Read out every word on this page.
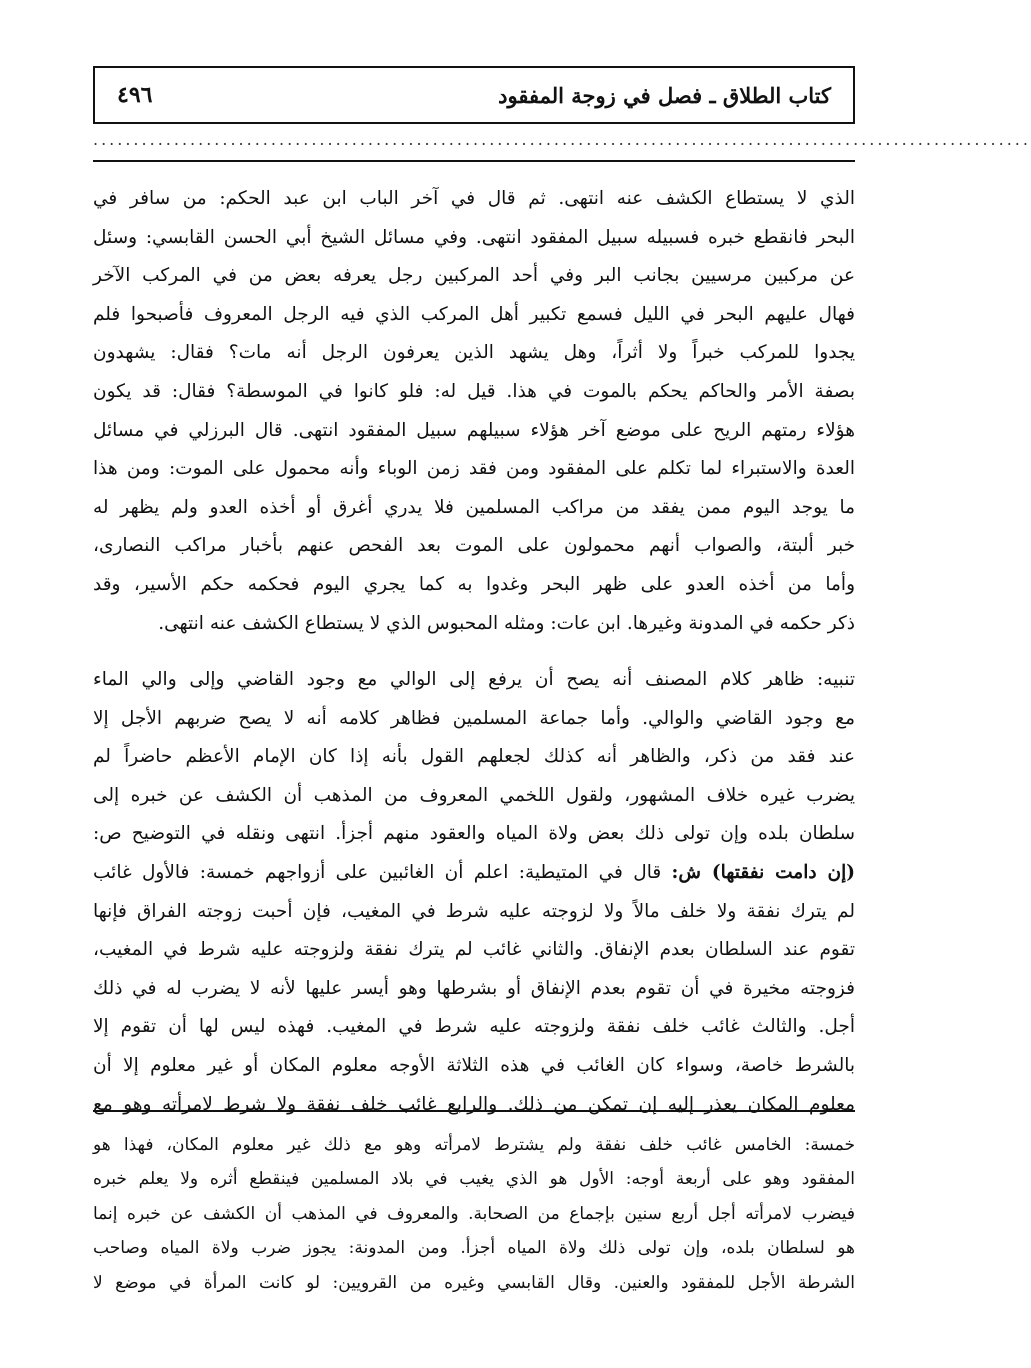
٤٩٦	كتاب الطلاق ـ فصل في زوجة المفقود
....................................................................................................................
الذي لا يستطاع الكشف عنه انتهى. ثم قال في آخر الباب ابن عبد الحكم: من سافر في
البحر فانقطع خبره فسبيله سبيل المفقود انتهى. وفي مسائل الشيخ أبي الحسن القابسي: وسئل
عن مركبين مرسيين بجانب البر وفي أحد المركبين رجل يعرفه بعض من في المركب الآخر
فهال عليهم البحر في الليل فسمع تكبير أهل المركب الذي فيه الرجل المعروف فأصبحوا فلم
يجدوا للمركب خبراً ولا أثراً، وهل يشهد الذين يعرفون الرجل أنه مات؟ فقال: يشهدون
بصفة الأمر والحاكم يحكم بالموت في هذا. قيل له: فلو كانوا في الموسطة؟ فقال: قد يكون
هؤلاء رمتهم الريح على موضع آخر هؤلاء سبيلهم سبيل المفقود انتهى. قال البرزلي في مسائل
العدة والاستبراء لما تكلم على المفقود ومن فقد زمن الوباء وأنه محمول على الموت: ومن هذا
ما يوجد اليوم ممن يفقد من مراكب المسلمين فلا يدري أغرق أو أخذه العدو ولم يظهر له
خبر ألبتة، والصواب أنهم محمولون على الموت بعد الفحص عنهم بأخبار مراكب النصارى،
وأما من أخذه العدو على ظهر البحر وغدوا به كما يجري اليوم فحكمه حكم الأسير، وقد
ذكر حكمه في المدونة وغيرها. ابن عات: ومثله المحبوس الذي لا يستطاع الكشف عنه انتهى.
تنبيه: ظاهر كلام المصنف أنه يصح أن يرفع إلى الوالي مع وجود القاضي وإلى والي الماء
مع وجود القاضي والوالي. وأما جماعة المسلمين فظاهر كلامه أنه لا يصح ضربهم الأجل إلا
عند فقد من ذكر، والظاهر أنه كذلك لجعلهم القول بأنه إذا كان الإمام الأعظم حاضراً لم
يضرب غيره خلاف المشهور، ولقول اللخمي المعروف من المذهب أن الكشف عن خبره إلى
سلطان بلده وإن تولى ذلك بعض ولاة المياه والعقود منهم أجزأ. انتهى ونقله في التوضيح ص:
(إن دامت نفقتها) ش: قال في المتيطية: اعلم أن الغائبين على أزواجهم خمسة: فالأول غائب
لم يترك نفقة ولا خلف مالاً ولا لزوجته عليه شرط في المغيب، فإن أحبت زوجته الفراق فإنها
تقوم عند السلطان بعدم الإنفاق. والثاني غائب لم يترك نفقة ولزوجته عليه شرط في المغيب،
فزوجته مخيرة في أن تقوم بعدم الإنفاق أو بشرطها وهو أيسر عليها لأنه لا يضرب له في ذلك
أجل. والثالث غائب خلف نفقة ولزوجته عليه شرط في المغيب. فهذه ليس لها أن تقوم إلا
بالشرط خاصة، وسواء كان الغائب في هذه الثلاثة الأوجه معلوم المكان أو غير معلوم إلا أن
معلوم المكان يعذر إليه إن تمكن من ذلك. والرابع غائب خلف نفقة ولا شرط لامرأته وهو مع
خمسة: الخامس غائب خلف نفقة ولم يشترط لامرأته وهو مع ذلك غير معلوم المكان، فهذا هو
المفقود وهو على أربعة أوجه: الأول هو الذي يغيب في بلاد المسلمين فينقطع أثره ولا يعلم خبره
فيضرب لامرأته أجل أربع سنين بإجماع من الصحابة. والمعروف في المذهب أن الكشف عن خبره إنما
هو لسلطان بلده، وإن تولى ذلك ولاة المياه أجزأ. ومن المدونة: يجوز ضرب ولاة المياه وصاحب
الشرطة الأجل للمفقود والعنين. وقال القابسي وغيره من القرويين: لو كانت المرأة في موضع لا
